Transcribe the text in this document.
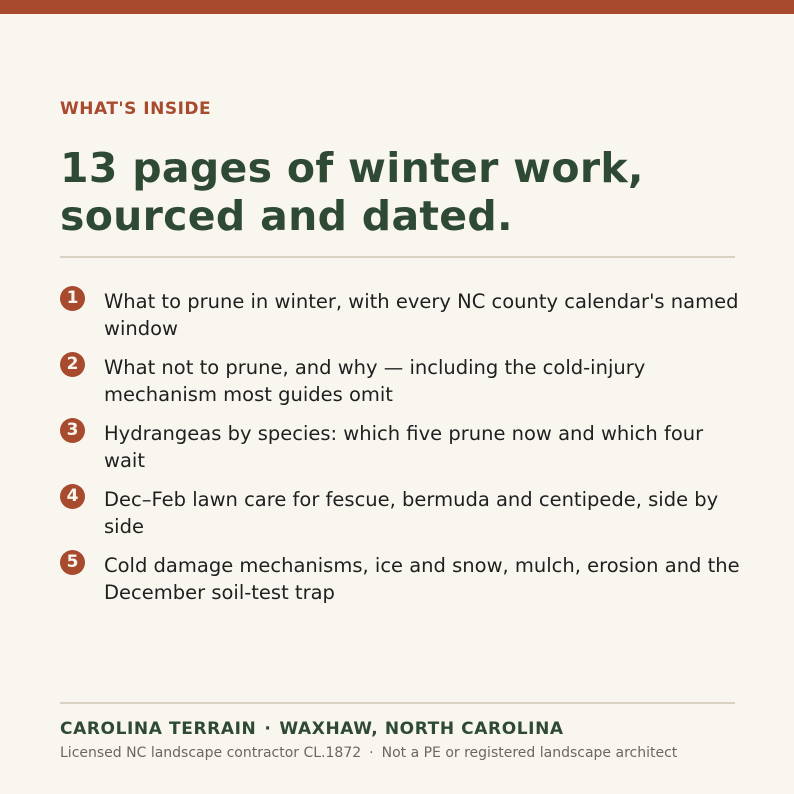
WHAT'S INSIDE
13 pages of winter work,
sourced and dated.
1	What to prune in winter, with every NC county calendar's named window
2	What not to prune, and why — including the cold-injury mechanism most guides omit
3	Hydrangeas by species: which five prune now and which four wait
4	Dec–Feb lawn care for fescue, bermuda and centipede, side by side
5	Cold damage mechanisms, ice and snow, mulch, erosion and the December soil-test trap
CAROLINA TERRAIN · WAXHAW, NORTH CAROLINA
Licensed NC landscape contractor CL.1872 · Not a PE or registered landscape architect
